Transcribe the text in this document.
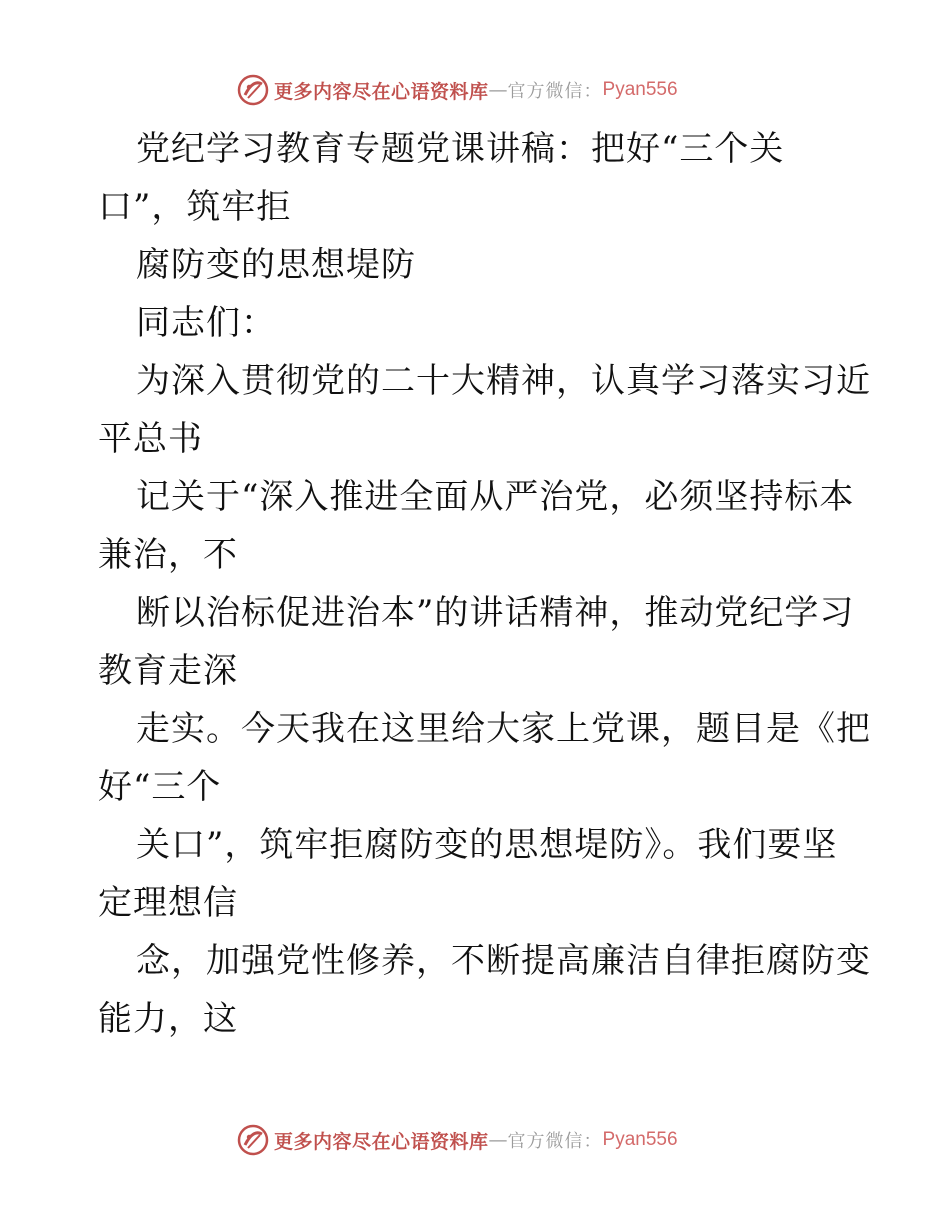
更多内容尽在心语资料库 — 官方微信： Pyan556
党纪学习教育专题党课讲稿：把好“三个关
口”，筑牢拒
腐防变的思想堤防
同志们：
为深入贯彻党的二十大精神，认真学习落实习近
平总书
记关于“深入推进全面从严治党，必须坚持标本
兼治，不
断以治标促进治本”的讲话精神，推动党纪学习
教育走深
走实。今天我在这里给大家上党课，题目是《把
好“三个
关口”，筑牢拒腐防变的思想堤防》。我们要坚
定理想信
念，加强党性修养，不断提高廉洁自律拒腐防变
能力，这
更多内容尽在心语资料库 — 官方微信： Pyan556
